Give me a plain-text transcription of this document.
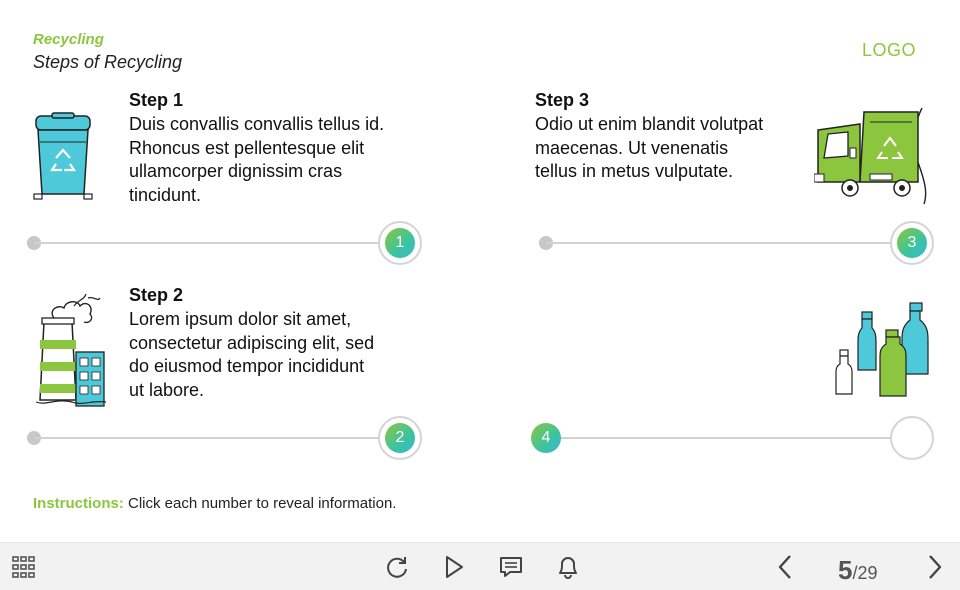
Recycling
Steps of Recycling
LOGO
Step 1
Duis convallis convallis tellus id.
Rhoncus est pellentesque elit
ullamcorper dignissim cras
tincidunt.
1
Step 2
Lorem ipsum dolor sit amet,
consectetur adipiscing elit, sed
do eiusmod tempor incididunt
ut labore.
2
Step 3
Odio ut enim blandit volutpat
maecenas. Ut venenatis
tellus in metus vulputate.
3
4
Instructions: Click each number to reveal information.
5/29
